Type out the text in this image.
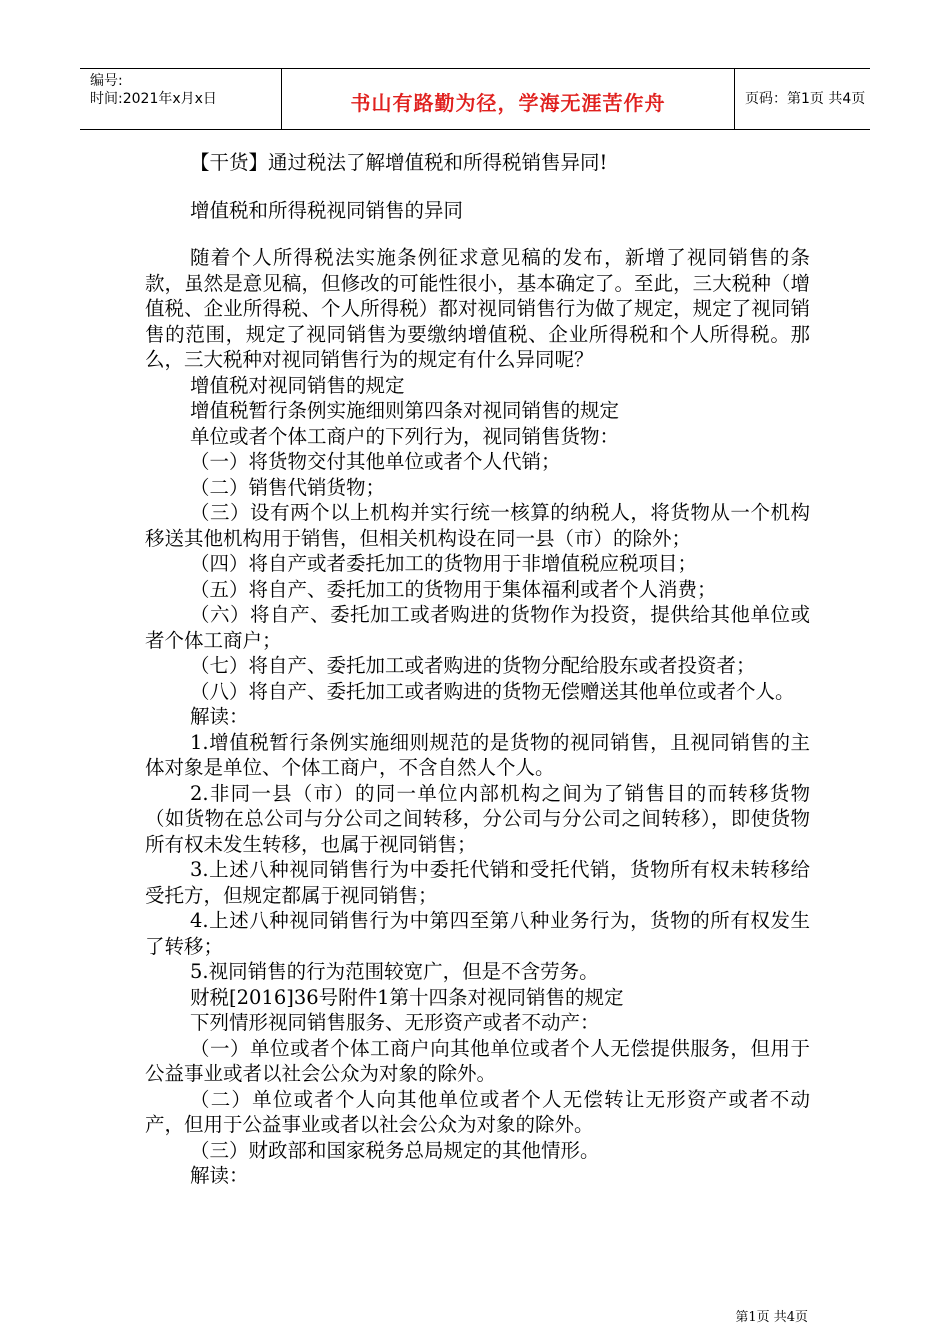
编号:
时间:2021年x月x日	书山有路勤为径，学海无涯苦作舟	页码：第1页 共4页

【干货】通过税法了解增值税和所得税销售异同!

增值税和所得税视同销售的异同

随着个人所得税法实施条例征求意见稿的发布，新增了视同销售的条款，虽然是意见稿，但修改的可能性很小，基本确定了。至此，三大税种（增值税、企业所得税、个人所得税）都对视同销售行为做了规定，规定了视同销售的范围，规定了视同销售为要缴纳增值税、企业所得税和个人所得税。那么，三大税种对视同销售行为的规定有什么异同呢？

增值税对视同销售的规定

增值税暂行条例实施细则第四条对视同销售的规定

单位或者个体工商户的下列行为，视同销售货物：

（一）将货物交付其他单位或者个人代销；

（二）销售代销货物；

（三）设有两个以上机构并实行统一核算的纳税人，将货物从一个机构移送其他机构用于销售，但相关机构设在同一县（市）的除外；

（四）将自产或者委托加工的货物用于非增值税应税项目；

（五）将自产、委托加工的货物用于集体福利或者个人消费；

（六）将自产、委托加工或者购进的货物作为投资，提供给其他单位或者个体工商户；

（七）将自产、委托加工或者购进的货物分配给股东或者投资者；

（八）将自产、委托加工或者购进的货物无偿赠送其他单位或者个人。

解读：

1.增值税暂行条例实施细则规范的是货物的视同销售，且视同销售的主体对象是单位、个体工商户，不含自然人个人。

2.非同一县（市）的同一单位内部机构之间为了销售目的而转移货物（如货物在总公司与分公司之间转移，分公司与分公司之间转移），即使货物所有权未发生转移，也属于视同销售；

3.上述八种视同销售行为中委托代销和受托代销，货物所有权未转移给受托方，但规定都属于视同销售；

4.上述八种视同销售行为中第四至第八种业务行为，货物的所有权发生了转移；

5.视同销售的行为范围较宽广，但是不含劳务。

财税[2016]36号附件1第十四条对视同销售的规定

下列情形视同销售服务、无形资产或者不动产：

（一）单位或者个体工商户向其他单位或者个人无偿提供服务，但用于公益事业或者以社会公众为对象的除外。

（二）单位或者个人向其他单位或者个人无偿转让无形资产或者不动产，但用于公益事业或者以社会公众为对象的除外。

（三）财政部和国家税务总局规定的其他情形。

解读：

第1页 共4页
